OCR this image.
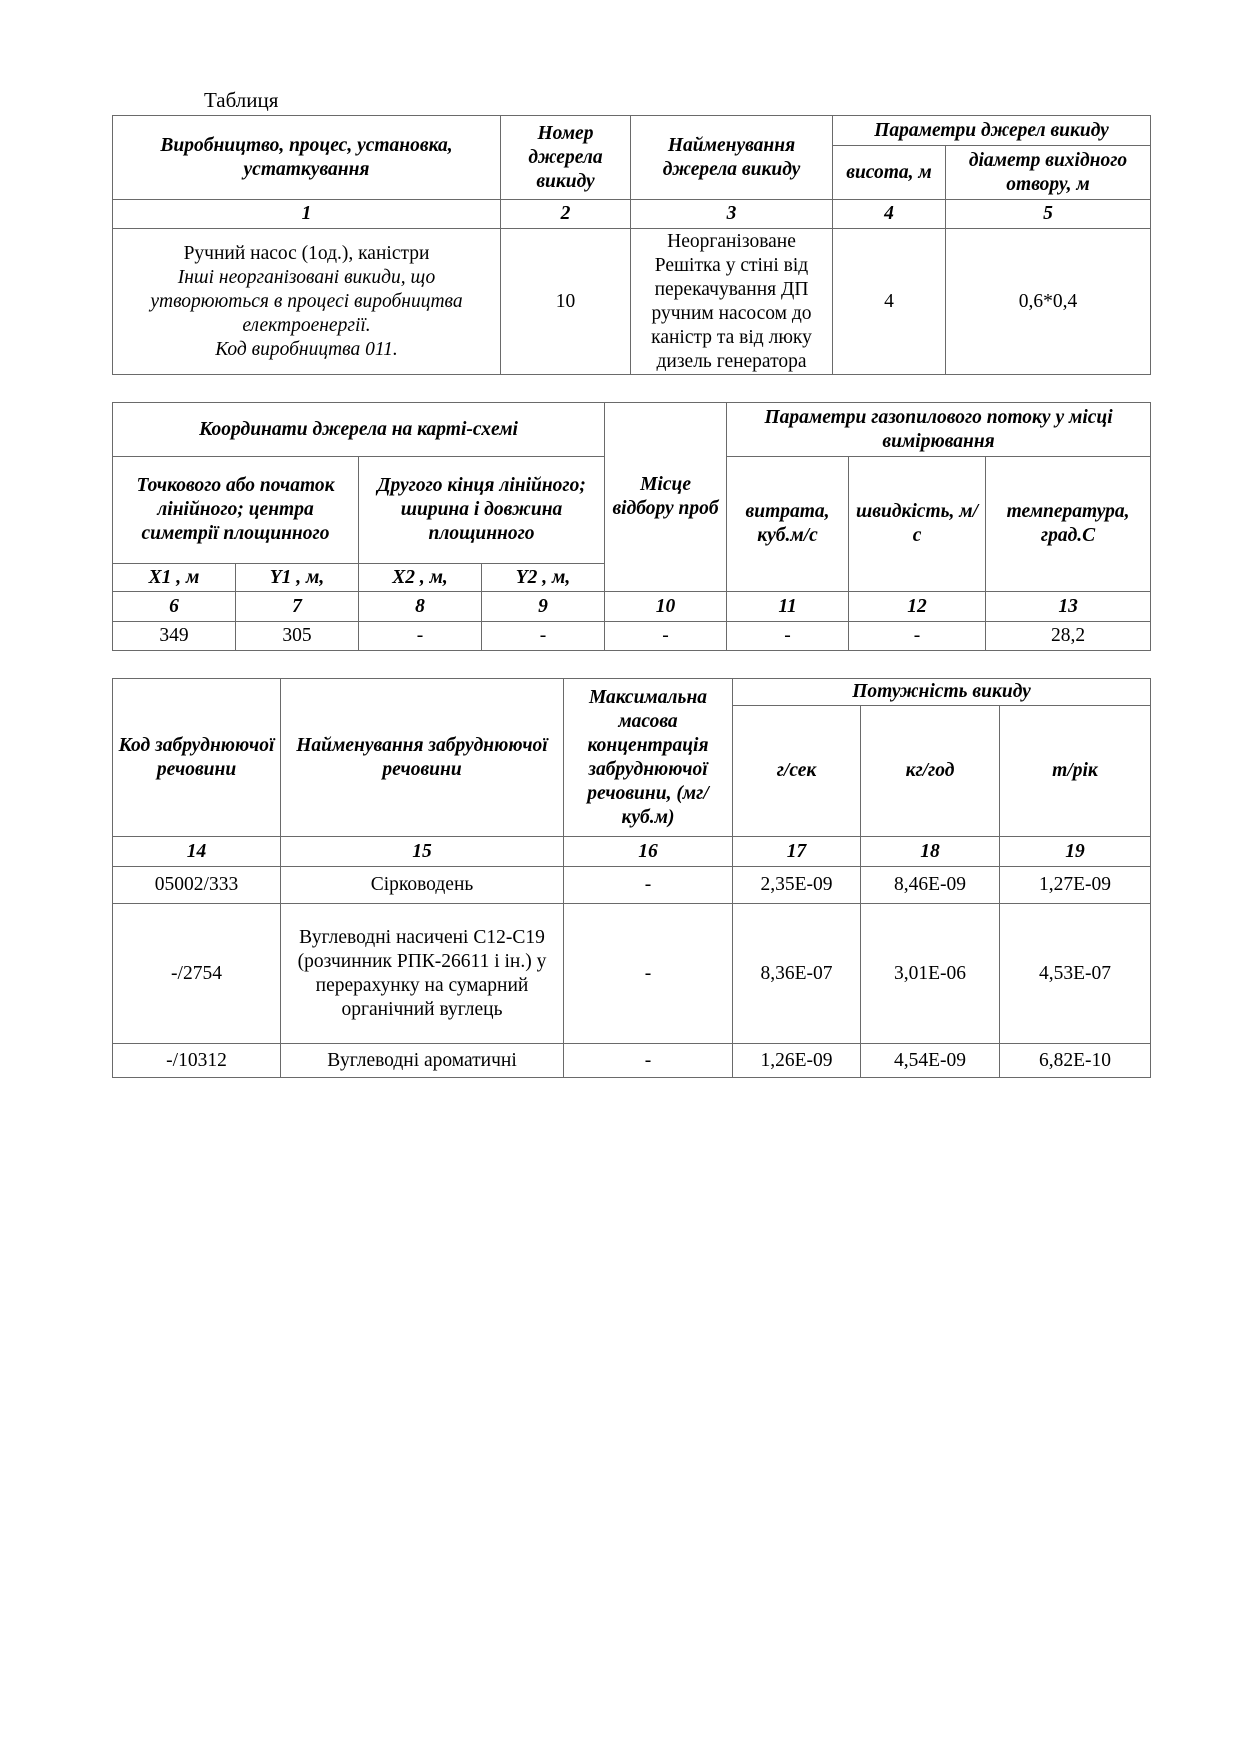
Таблиця
Виробництво, процес, установка, устаткування	Номер джерела викиду	Найменування джерела викиду	Параметри джерел викиду	
			висота, м	діаметр вихідного отвору, м
1	2	3	4	5

Ручний насос (1од.), канiстри
Інші неорганізовані викиди, що утворюються в процесі виробництва електроенергії.
Код виробництва 011.	10	Неорганізоване Решітка у стіні від перекачування ДП ручним насосом до каністр та від люку дизель генератора	4	0,6*0,4
Координати джерела на карті-схемі				Місце відбору проб	Параметри газопилового потоку у місці вимірювання		
Точкового або початок лінійного; центра симетрії площинного		Другого кінця лінійного; ширина і довжина площинного			витрата, куб.м/с	швидкість, м/с	температура, град.С
X1 , м	Y1 , м,	X2 , м,	Y2 , м,				
6	7	8	9	10	11	12	13
349	305	-	-	-	-	-	28,2
Код забруднюючої речовини	Найменування забруднюючої речовини	Максимальна масова концентрація забруднюючої речовини, (мг/куб.м)	Потужність викиду		
			г/сек	кг/год	т/рік
14	15	16	17	18	19
05002/333	Сірководень	-	2,35E-09	8,46E-09	1,27E-09
-/2754	Вуглеводні насичені С12-С19 (розчинник РПК-26611 і ін.) у перерахунку на сумарний органічний вуглець	-	8,36E-07	3,01E-06	4,53E-07
-/10312	Вуглеводні ароматичні	-	1,26E-09	4,54E-09	6,82E-10
